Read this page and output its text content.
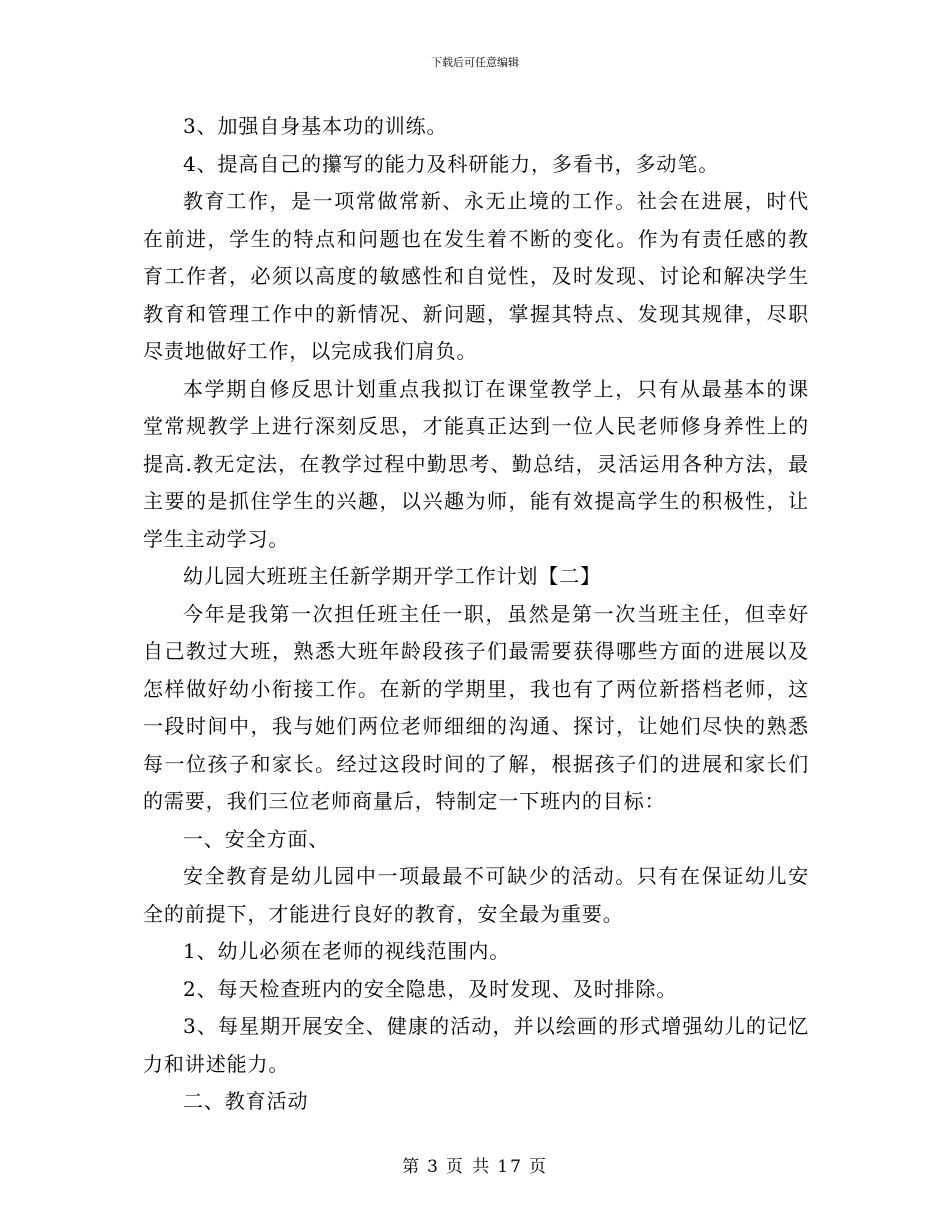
下载后可任意编辑

3、加强自身基本功的训练。

4、提高自己的攥写的能力及科研能力，多看书，多动笔。

教育工作，是一项常做常新、永无止境的工作。社会在进展，时代在前进，学生的特点和问题也在发生着不断的变化。作为有责任感的教育工作者，必须以高度的敏感性和自觉性，及时发现、讨论和解决学生教育和管理工作中的新情况、新问题，掌握其特点、发现其规律，尽职尽责地做好工作，以完成我们肩负。

本学期自修反思计划重点我拟订在课堂教学上，只有从最基本的课堂常规教学上进行深刻反思，才能真正达到一位人民老师修身养性上的提高.教无定法，在教学过程中勤思考、勤总结，灵活运用各种方法，最主要的是抓住学生的兴趣，以兴趣为师，能有效提高学生的积极性，让学生主动学习。

幼儿园大班班主任新学期开学工作计划【二】

今年是我第一次担任班主任一职，虽然是第一次当班主任，但幸好自己教过大班，熟悉大班年龄段孩子们最需要获得哪些方面的进展以及怎样做好幼小衔接工作。在新的学期里，我也有了两位新搭档老师，这一段时间中，我与她们两位老师细细的沟通、探讨，让她们尽快的熟悉每一位孩子和家长。经过这段时间的了解，根据孩子们的进展和家长们的需要，我们三位老师商量后，特制定一下班内的目标：

一、安全方面、

安全教育是幼儿园中一项最最不可缺少的活动。只有在保证幼儿安全的前提下，才能进行良好的教育，安全最为重要。

1、幼儿必须在老师的视线范围内。

2、每天检查班内的安全隐患，及时发现、及时排除。

3、每星期开展安全、健康的活动，并以绘画的形式增强幼儿的记忆力和讲述能力。

二、教育活动

第 3 页 共 17 页
